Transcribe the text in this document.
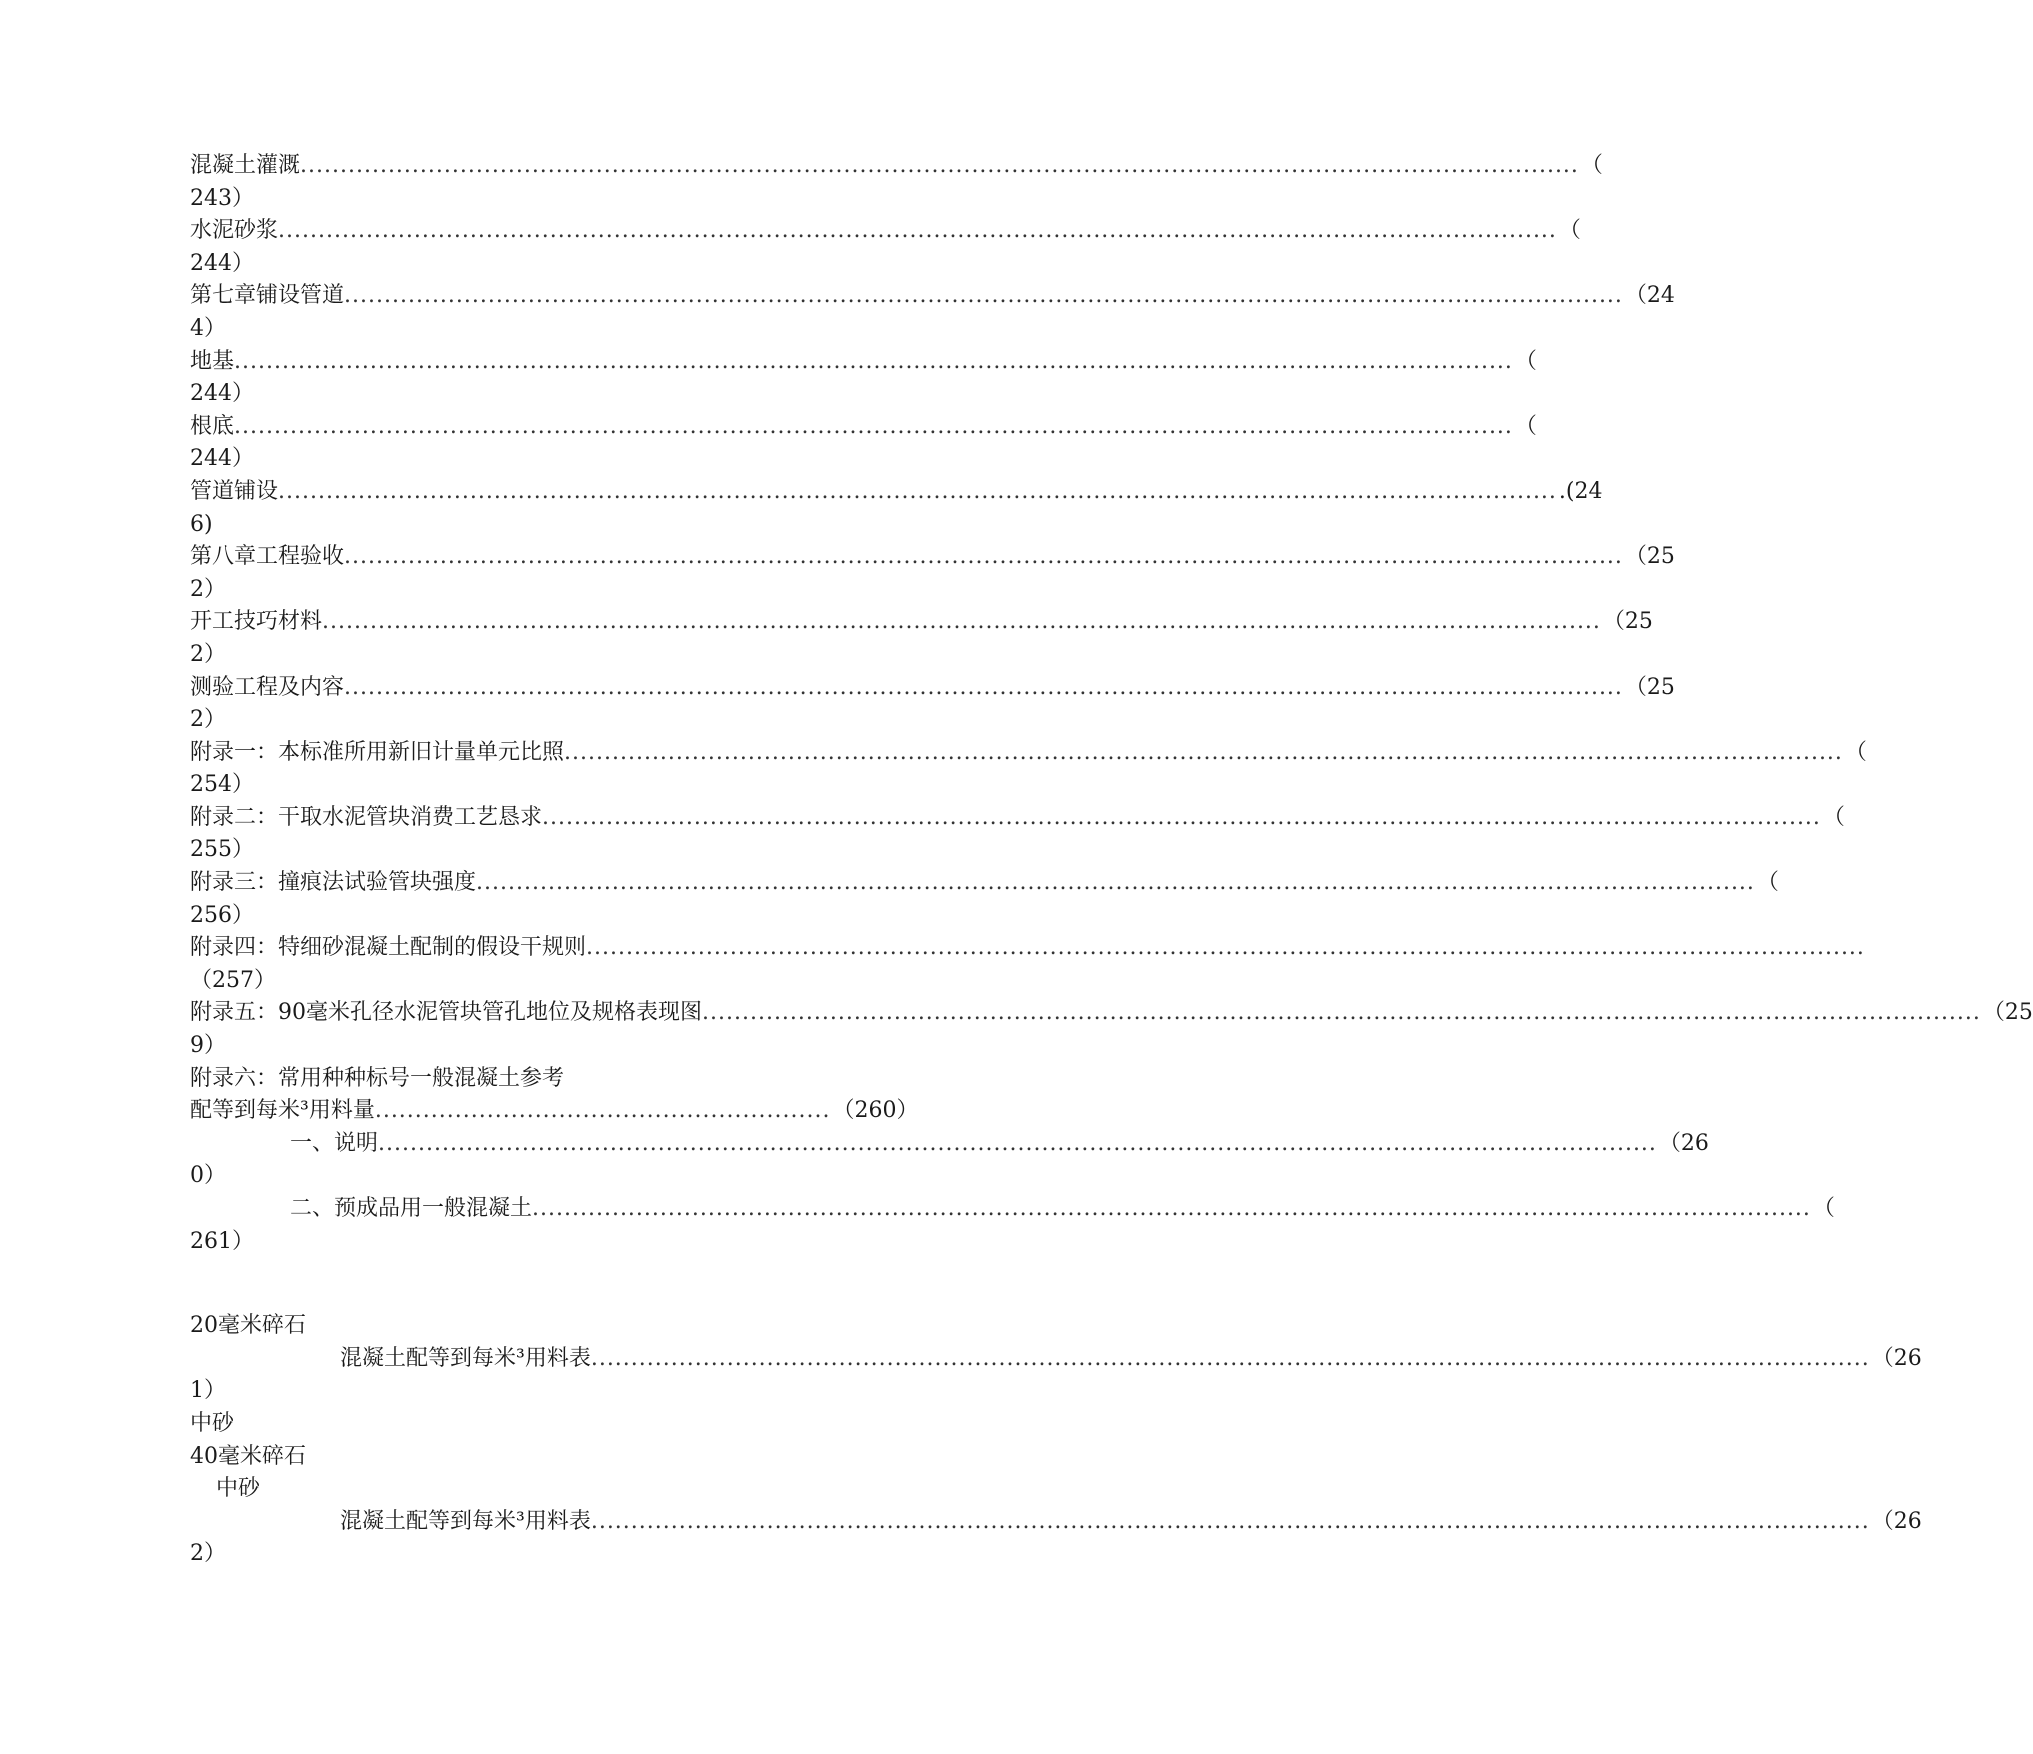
混凝土灌溉 ................................................................................................................................................................ （
243）
水泥砂浆 ................................................................................................................................................................ （
244）
第七章铺设管道 ................................................................................................................................................................ （24
4）
地基 ................................................................................................................................................................ （
244）
根底 ................................................................................................................................................................ （
244）
管道铺设 ................................................................................................................................................................ .(24
6)
第八章工程验收 ................................................................................................................................................................ （25
2）
开工技巧材料 ................................................................................................................................................................ （25
2）
测验工程及内容 ................................................................................................................................................................ （25
2）
附录一：本标准所用新旧计量单元比照 ................................................................................................................................................................ （
254）
附录二：干取水泥管块消费工艺恳求 ................................................................................................................................................................ （
255）
附录三：撞痕法试验管块强度 ................................................................................................................................................................ （
256）
附录四：特细砂混凝土配制的假设干规则 ................................................................................................................................................................
（257）
附录五：90毫米孔径水泥管块管孔地位及规格表现图 ................................................................................................................................................................ （25
9）
附录六：常用种种标号一般混凝土参考
配等到每米³用料量 ......................................................... （260）
一、说明 ................................................................................................................................................................ （26
0）
二、预成品用一般混凝土 ................................................................................................................................................................ （
261）
20毫米碎石
混凝土配等到每米³用料表 ................................................................................................................................................................ （26
1）
中砂
40毫米碎石
中砂
混凝土配等到每米³用料表 ................................................................................................................................................................ （26
2）
